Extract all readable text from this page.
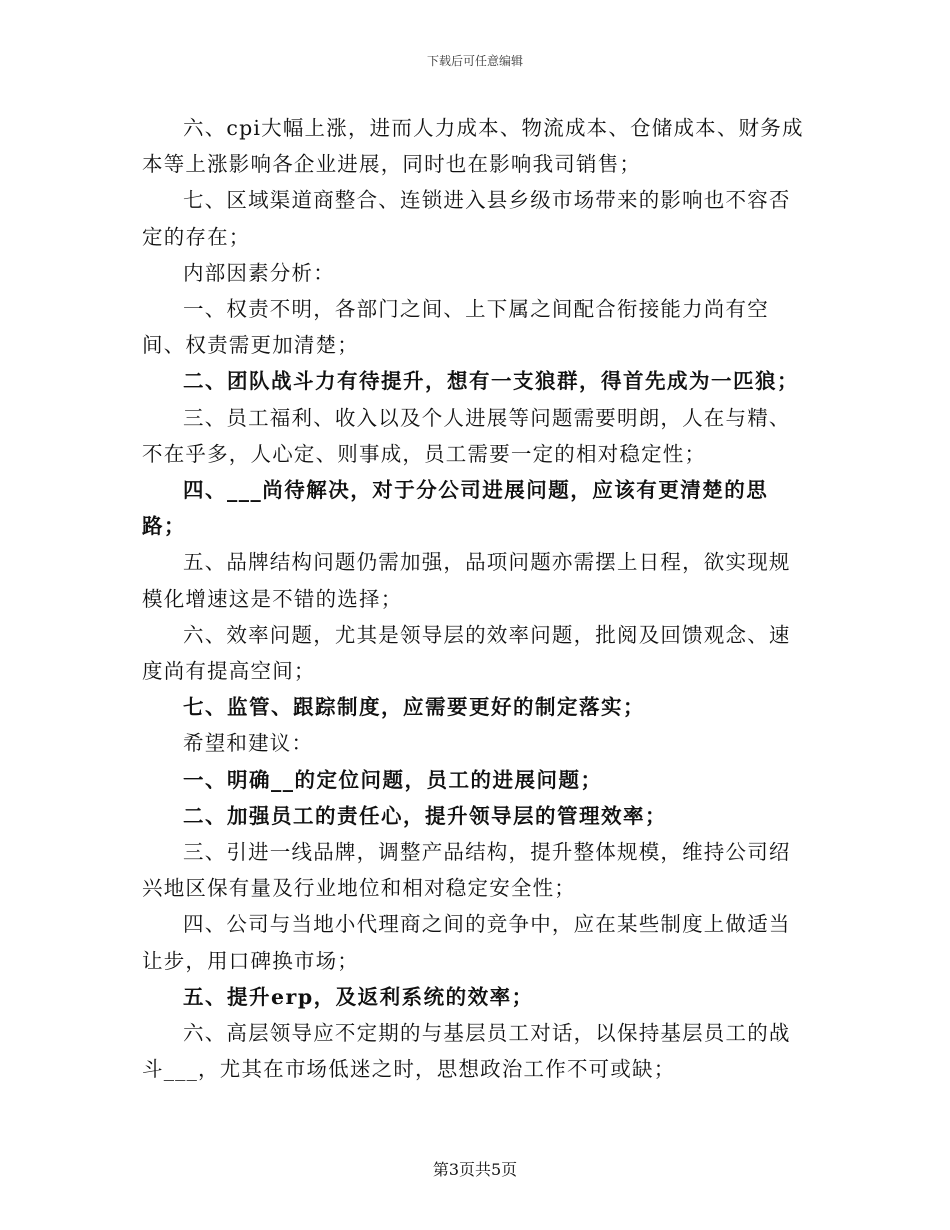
下载后可任意编辑

六、cpi大幅上涨，进而人力成本、物流成本、仓储成本、财务成本等上涨影响各企业进展，同时也在影响我司销售；

七、区域渠道商整合、连锁进入县乡级市场带来的影响也不容否定的存在；

内部因素分析：

一、权责不明，各部门之间、上下属之间配合衔接能力尚有空间、权责需更加清楚；

二、团队战斗力有待提升，想有一支狼群，得首先成为一匹狼；

三、员工福利、收入以及个人进展等问题需要明朗，人在与精、不在乎多，人心定、则事成，员工需要一定的相对稳定性；

四、___尚待解决，对于分公司进展问题，应该有更清楚的思路；

五、品牌结构问题仍需加强，品项问题亦需摆上日程，欲实现规模化增速这是不错的选择；

六、效率问题，尤其是领导层的效率问题，批阅及回馈观念、速度尚有提高空间；

七、监管、跟踪制度，应需要更好的制定落实；

希望和建议：

一、明确__的定位问题，员工的进展问题；

二、加强员工的责任心，提升领导层的管理效率；

三、引进一线品牌，调整产品结构，提升整体规模，维持公司绍兴地区保有量及行业地位和相对稳定安全性；

四、公司与当地小代理商之间的竞争中，应在某些制度上做适当让步，用口碑换市场；

五、提升erp，及返利系统的效率；

六、高层领导应不定期的与基层员工对话，以保持基层员工的战斗___，尤其在市场低迷之时，思想政治工作不可或缺；

第3页共5页
